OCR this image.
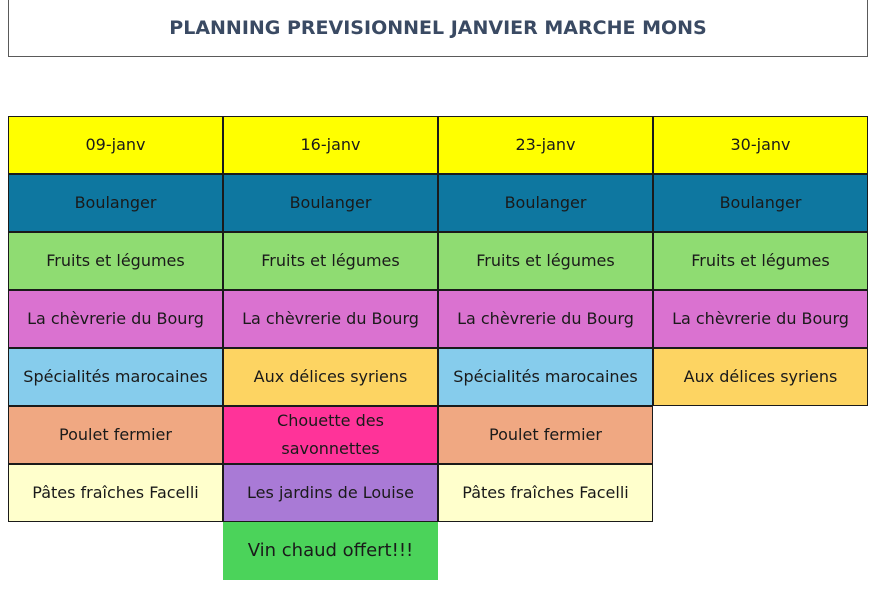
PLANNING PREVISIONNEL JANVIER MARCHE MONS
09-janv
Boulanger
Fruits et légumes
La chèvrerie du Bourg
Spécialités marocaines
Poulet fermier
Pâtes fraîches Facelli
16-janv
Boulanger
Fruits et légumes
La chèvrerie du Bourg
Aux délices syriens
Chouette des savonnettes
Les jardins de Louise
Vin chaud offert!!!
23-janv
Boulanger
Fruits et légumes
La chèvrerie du Bourg
Spécialités marocaines
Poulet fermier
Pâtes fraîches Facelli
30-janv
Boulanger
Fruits et légumes
La chèvrerie du Bourg
Aux délices syriens
